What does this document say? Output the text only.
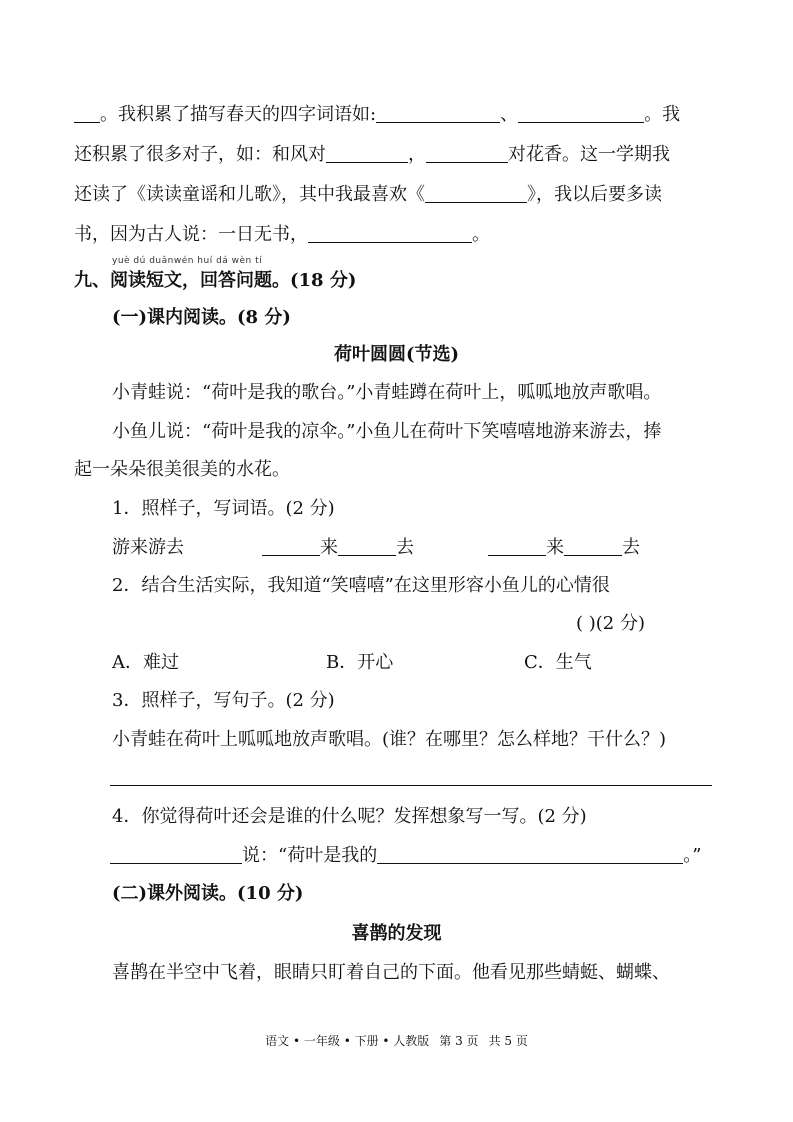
。我积累了描写春天的四字词语如:	、	。我
还积累了很多对子，如：和风对	，	对花香。这一学期我
还读了《读读童谣和儿歌》，其中我最喜欢《	》，我以后要多读
书，因为古人说：一日无书，	。
九、
yuè dú duǎnwén huí dá wèn tí
阅读短文，回答问题。(18 分)
(一)课内阅读。(8 分)
荷叶圆圆(节选)
小青蛙说：“荷叶是我的歌台。”小青蛙蹲在荷叶上，呱呱地放声歌唱。
小鱼儿说：“荷叶是我的凉伞。”小鱼儿在荷叶下笑嘻嘻地游来游去，捧
起一朵朵很美很美的水花。
1．照样子，写词语。(2 分)
游来游去	来	去	来	去
2．结合生活实际，我知道“笑嘻嘻”在这里形容小鱼儿的心情很
( )(2 分)
A．难过	B．开心	C．生气
3．照样子，写句子。(2 分)
小青蛙在荷叶上呱呱地放声歌唱。(谁？在哪里？怎么样地？干什么？)
4．你觉得荷叶还会是谁的什么呢？发挥想象写一写。(2 分)
说：“荷叶是我的	。”
(二)课外阅读。(10 分)
喜鹊的发现
喜鹊在半空中飞着，眼睛只盯着自己的下面。他看见那些蜻蜓、蝴蝶、
语文 • 一年级 • 下册 • 人教版 第 3 页 共 5 页
